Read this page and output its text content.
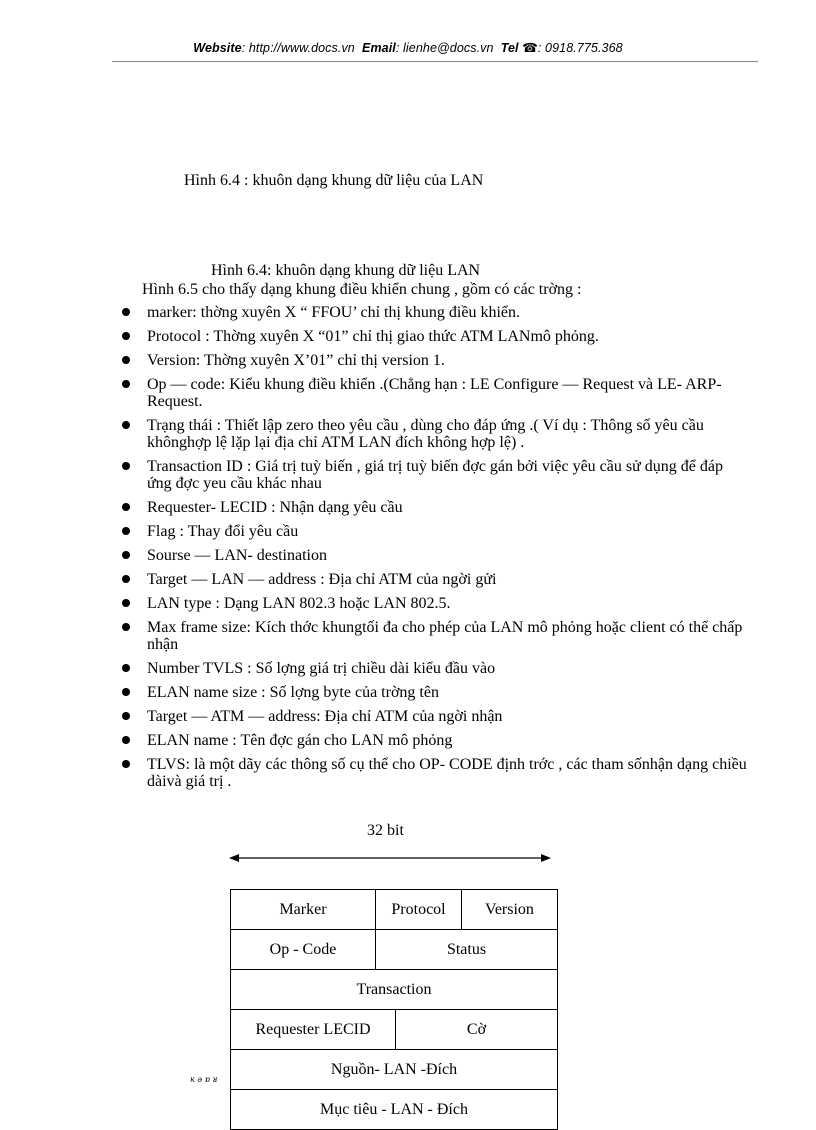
Website: http://www.docs.vn Email: lienhe@docs.vn Tel ☎: 0918.775.368
Hình 6.4 : khuôn dạng khung dữ liệu của LAN
Hình 6.4: khuôn dạng khung dữ liệu LAN
Hình 6.5 cho thấy dạng khung điều khiển chung , gồm có các trờng :
marker: thờng xuyên X “ FFOU’ chỉ thị khung điều khiển.
Protocol : Thờng xuyên X “01” chỉ thị giao thức ATM LANmô phỏng.
Version: Thờng xuyên X’01” chỉ thị version 1.
Op — code: Kiểu khung điều khiển .(Chẳng hạn : LE Configure — Request và LE- ARP- Request.
Trạng thái : Thiết lập zero theo yêu cầu , dùng cho đáp ứng .( Ví dụ : Thông số yêu cầu khônghợp lệ lặp lại địa chỉ ATM LAN đích không hợp lệ) .
Transaction ID : Giá trị tuỳ biến , giá trị tuỳ biến đợc gán bởi việc yêu cầu sử dụng để đáp ứng đợc yeu cầu khác nhau
Requester- LECID : Nhận dạng yêu cầu
Flag : Thay đổi yêu cầu
Sourse — LAN- destination
Target — LAN — address : Địa chỉ ATM của ngời gửi
LAN type : Dạng LAN 802.3 hoặc LAN 802.5.
Max frame size: Kích thớc khungtối đa cho phép của LAN mô phỏng hoặc client có thể chấp nhận
Number TVLS : Số lợng giá trị chiều dài kiểu đầu vào
ELAN name size : Số lợng byte của trờng tên
Target — ATM — address: Địa chỉ ATM của ngời nhận
ELAN name : Tên đợc gán cho LAN mô phỏng
TLVS: là một dãy các thông số cụ thể cho OP- CODE định trớc , các tham sốnhận dạng chiều dàivà giá trị .
32 bit
Marker	Protocol		Version
Op - Code	Status		
Transaction			
Requester LECID		Cờ	
Nguồn- LAN -Đích			
Mục tiêu - LAN - Đích			
ĸ ǝ ɒ ᴚ
